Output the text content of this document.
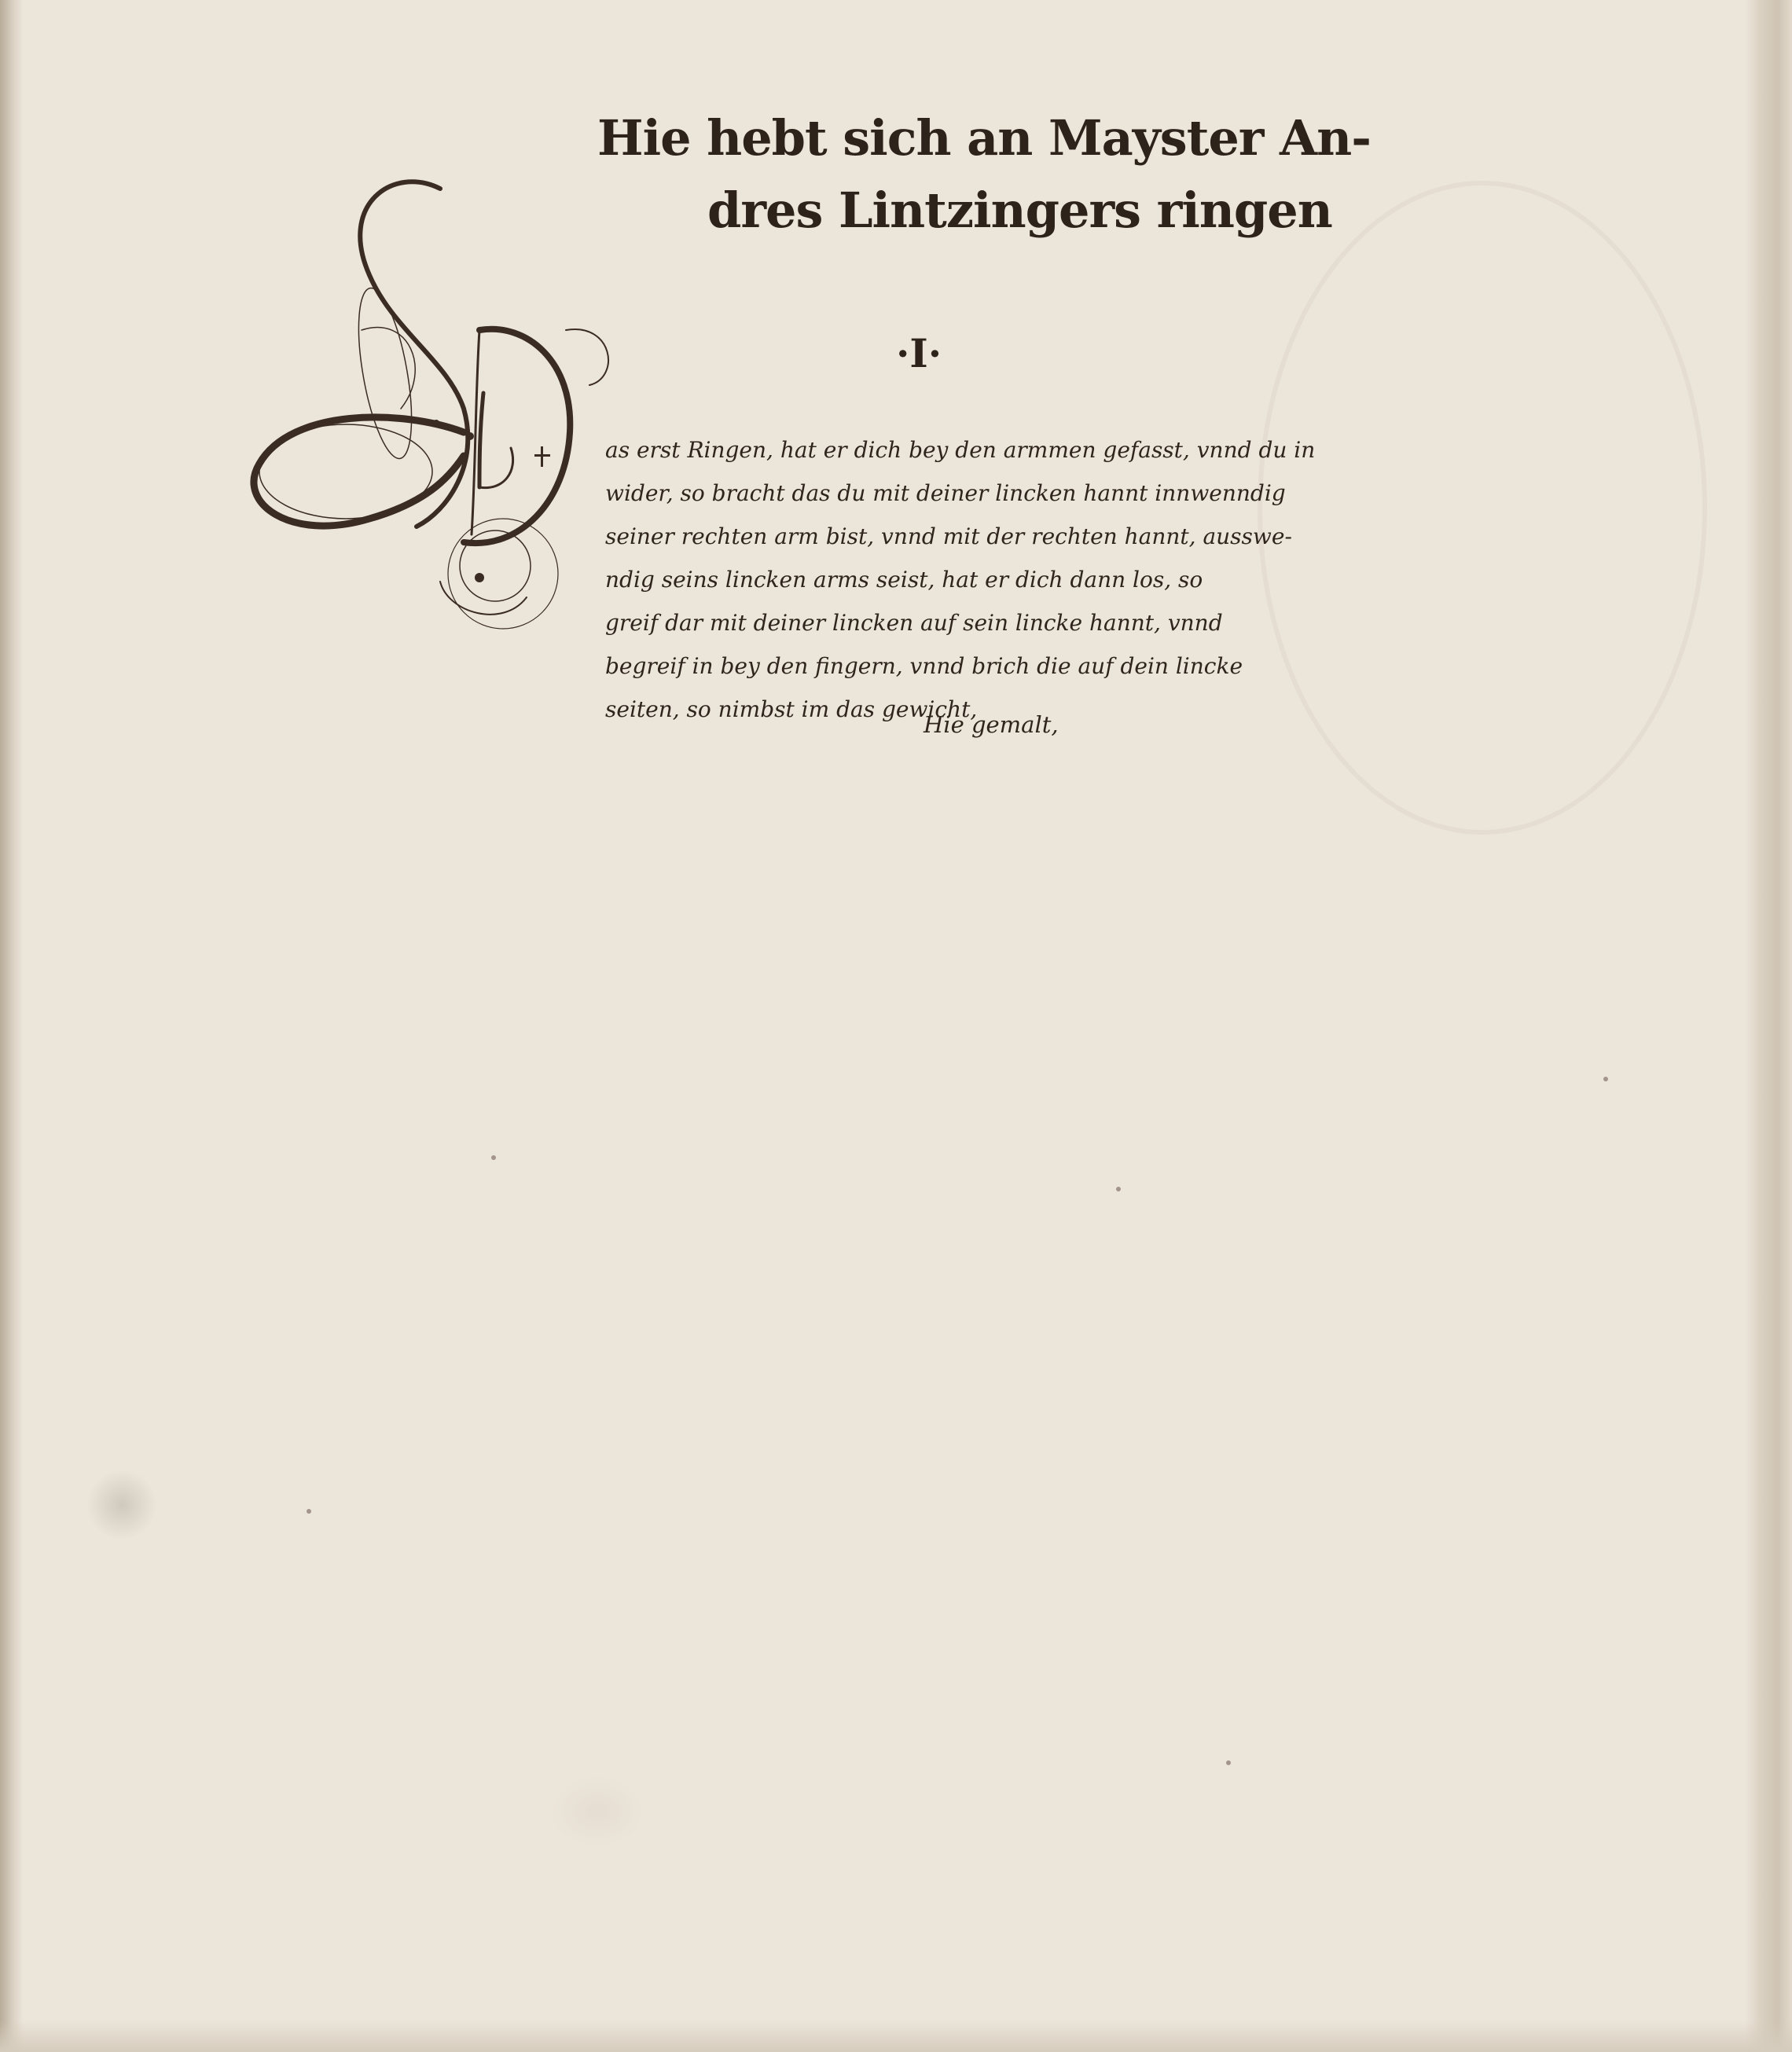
Hie hebt sich an Mayster An-
dres Lintzingers ringen
·I·
as erst Ringen, hat er dich bey den armmen gefasst, vnnd du in
wider, so bracht das du mit deiner lincken hannt innwenndig
seiner rechten arm bist, vnnd mit der rechten hannt, ausswe-
ndig seins lincken arms seist, hat er dich dann los, so
greif dar mit deiner lincken auf sein lincke hannt, vnnd
begreif in bey den fingern, vnnd brich die auf dein lincke
seiten, so nimbst im das gewicht,
Hie gemalt,
